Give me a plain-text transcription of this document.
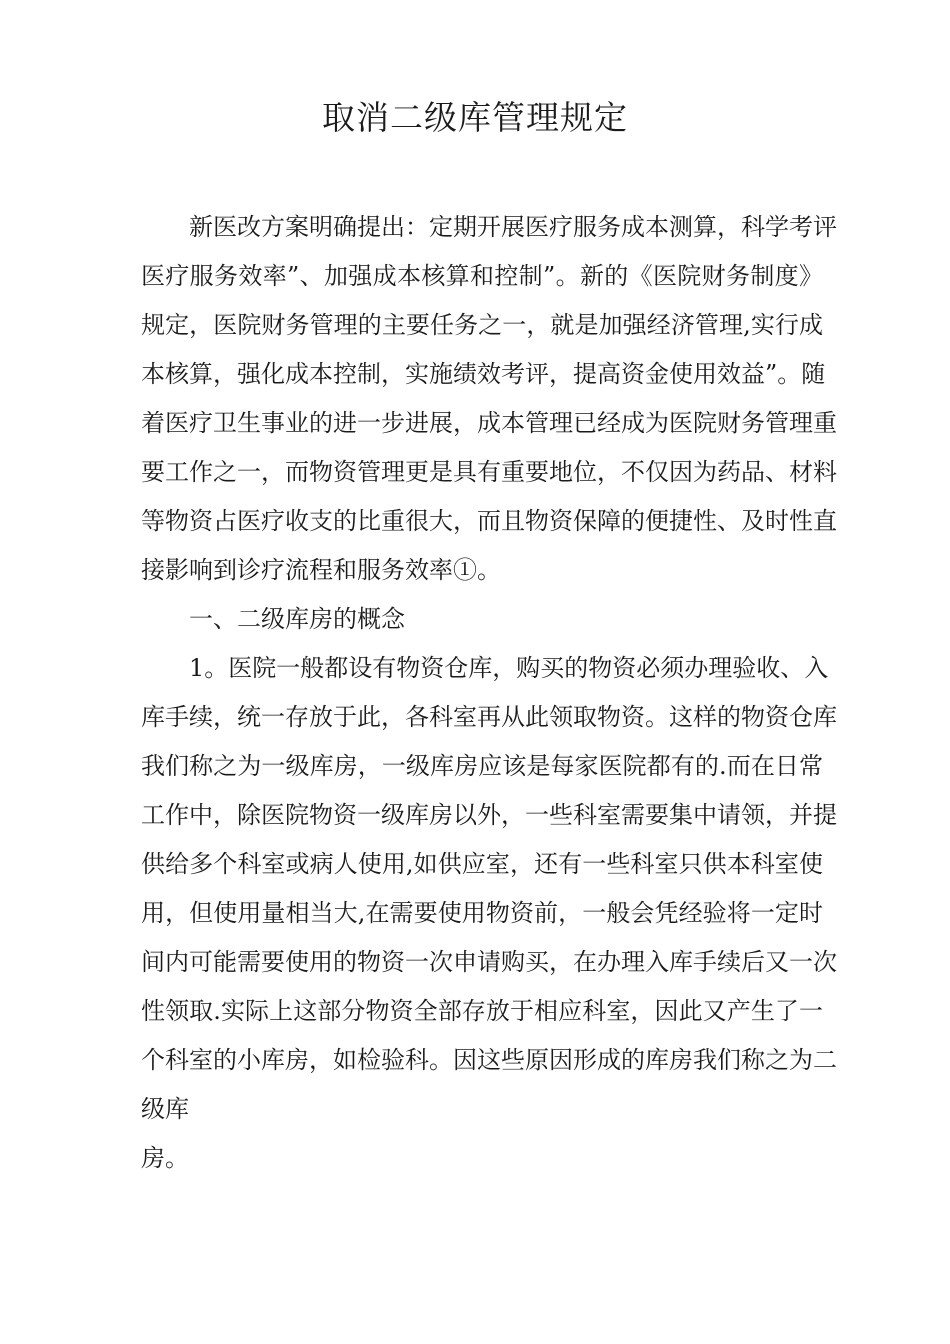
取消二级库管理规定
新医改方案明确提出：定期开展医疗服务成本测算，科学考评
医疗服务效率”、加强成本核算和控制”。新的《医院财务制度》
规定，医院财务管理的主要任务之一，就是加强经济管理,实行成
本核算，强化成本控制，实施绩效考评，提高资金使用效益”。随
着医疗卫生事业的进一步进展，成本管理已经成为医院财务管理重
要工作之一，而物资管理更是具有重要地位，不仅因为药品、材料
等物资占医疗收支的比重很大，而且物资保障的便捷性、及时性直
接影响到诊疗流程和服务效率①。
一、二级库房的概念
1。医院一般都设有物资仓库，购买的物资必须办理验收、入
库手续，统一存放于此，各科室再从此领取物资。这样的物资仓库
我们称之为一级库房，一级库房应该是每家医院都有的.而在日常
工作中，除医院物资一级库房以外，一些科室需要集中请领，并提
供给多个科室或病人使用,如供应室，还有一些科室只供本科室使
用，但使用量相当大,在需要使用物资前，一般会凭经验将一定时
间内可能需要使用的物资一次申请购买，在办理入库手续后又一次
性领取.实际上这部分物资全部存放于相应科室，因此又产生了一
个科室的小库房，如检验科。因这些原因形成的库房我们称之为二
级库
房。
